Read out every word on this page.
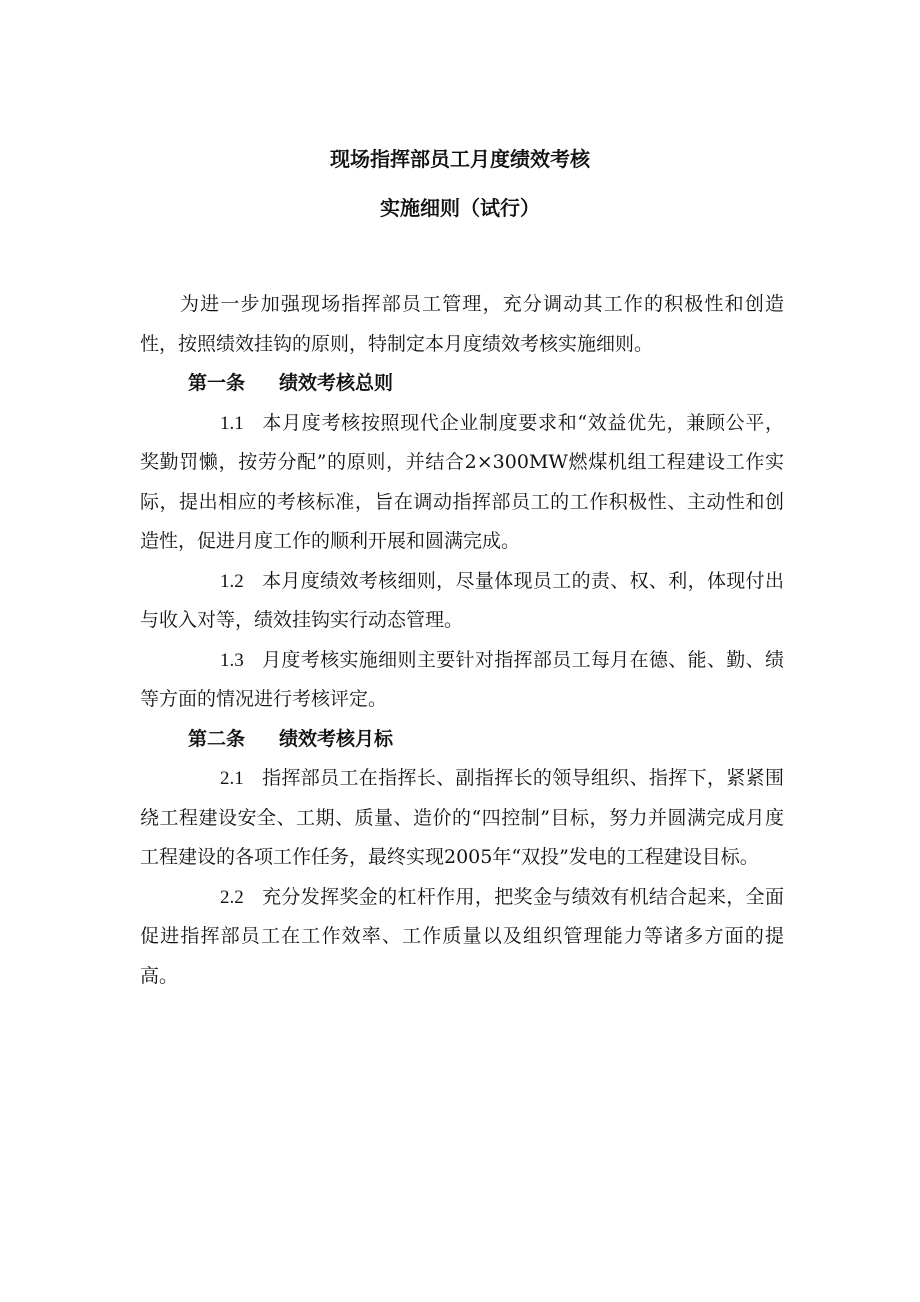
现场指挥部员工月度绩效考核
实施细则（试行）

为进一步加强现场指挥部员工管理，充分调动其工作的积极性和创造性，按照绩效挂钩的原则，特制定本月度绩效考核实施细则。

第一条 绩效考核总则

1.1 本月度考核按照现代企业制度要求和“效益优先，兼顾公平，奖勤罚懒，按劳分配”的原则，并结合2×300MW燃煤机组工程建设工作实际，提出相应的考核标准，旨在调动指挥部员工的工作积极性、主动性和创造性，促进月度工作的顺利开展和圆满完成。

1.2 本月度绩效考核细则，尽量体现员工的责、权、利，体现付出与收入对等，绩效挂钩实行动态管理。

1.3 月度考核实施细则主要针对指挥部员工每月在德、能、勤、绩等方面的情况进行考核评定。

第二条 绩效考核月标

2.1 指挥部员工在指挥长、副指挥长的领导组织、指挥下，紧紧围绕工程建设安全、工期、质量、造价的“四控制”目标，努力并圆满完成月度工程建设的各项工作任务，最终实现2005年“双投”发电的工程建设目标。

2.2 充分发挥奖金的杠杆作用，把奖金与绩效有机结合起来，全面促进指挥部员工在工作效率、工作质量以及组织管理能力等诸多方面的提高。
